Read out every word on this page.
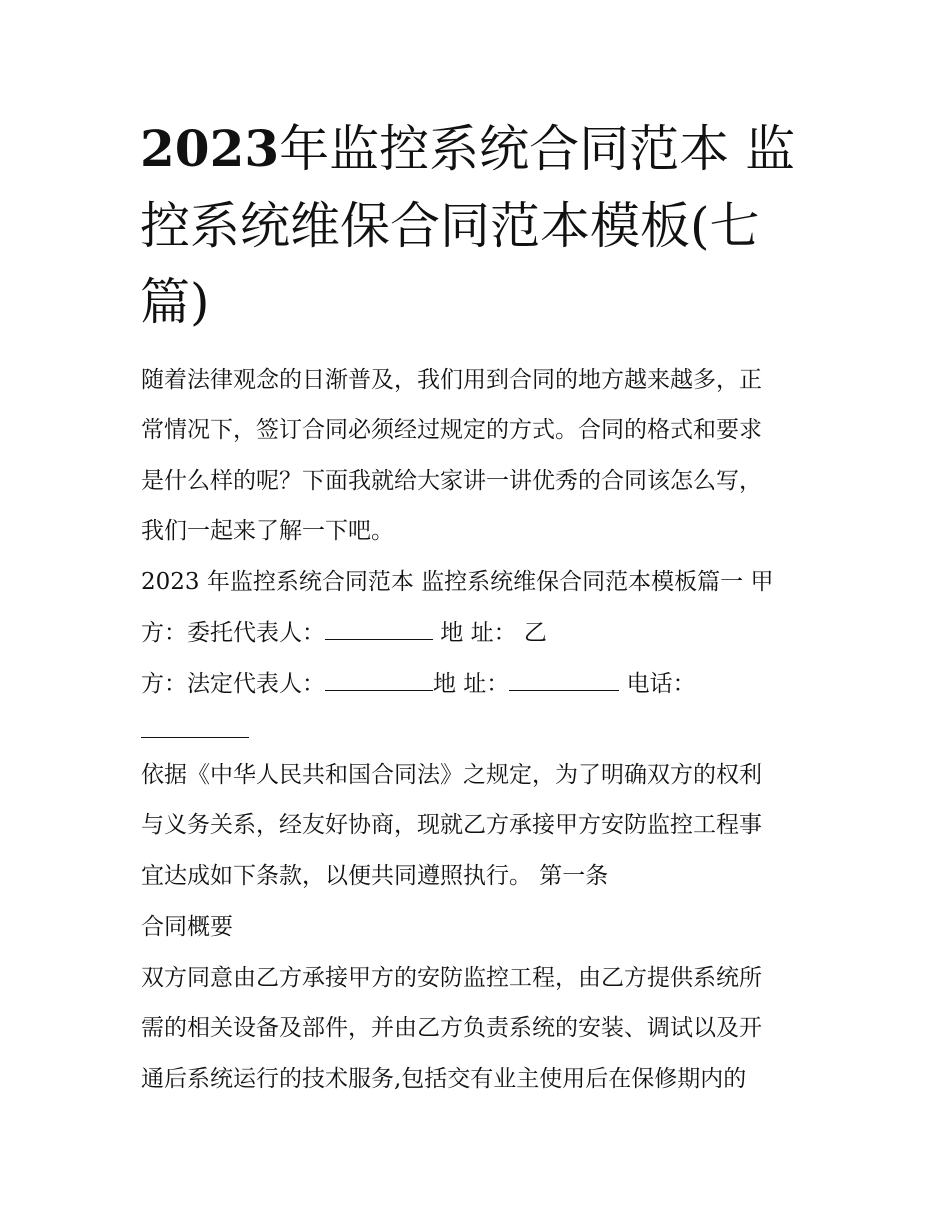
2023年监控系统合同范本 监
控系统维保合同范本模板(七
篇)

随着法律观念的日渐普及，我们用到合同的地方越来越多，正

常情况下，签订合同必须经过规定的方式。合同的格式和要求

是什么样的呢？下面我就给大家讲一讲优秀的合同该怎么写，

我们一起来了解一下吧。

2023 年监控系统合同范本 监控系统维保合同范本模板篇一 甲

方：委托代表人：	地 址： 乙

方：法定代表人：	地 址：	电话：

依据《中华人民共和国合同法》之规定，为了明确双方的权利

与义务关系，经友好协商，现就乙方承接甲方安防监控工程事

宜达成如下条款，以便共同遵照执行。 第一条

合同概要

双方同意由乙方承接甲方的安防监控工程，由乙方提供系统所

需的相关设备及部件，并由乙方负责系统的安装、调试以及开

通后系统运行的技术服务,包括交有业主使用后在保修期内的
